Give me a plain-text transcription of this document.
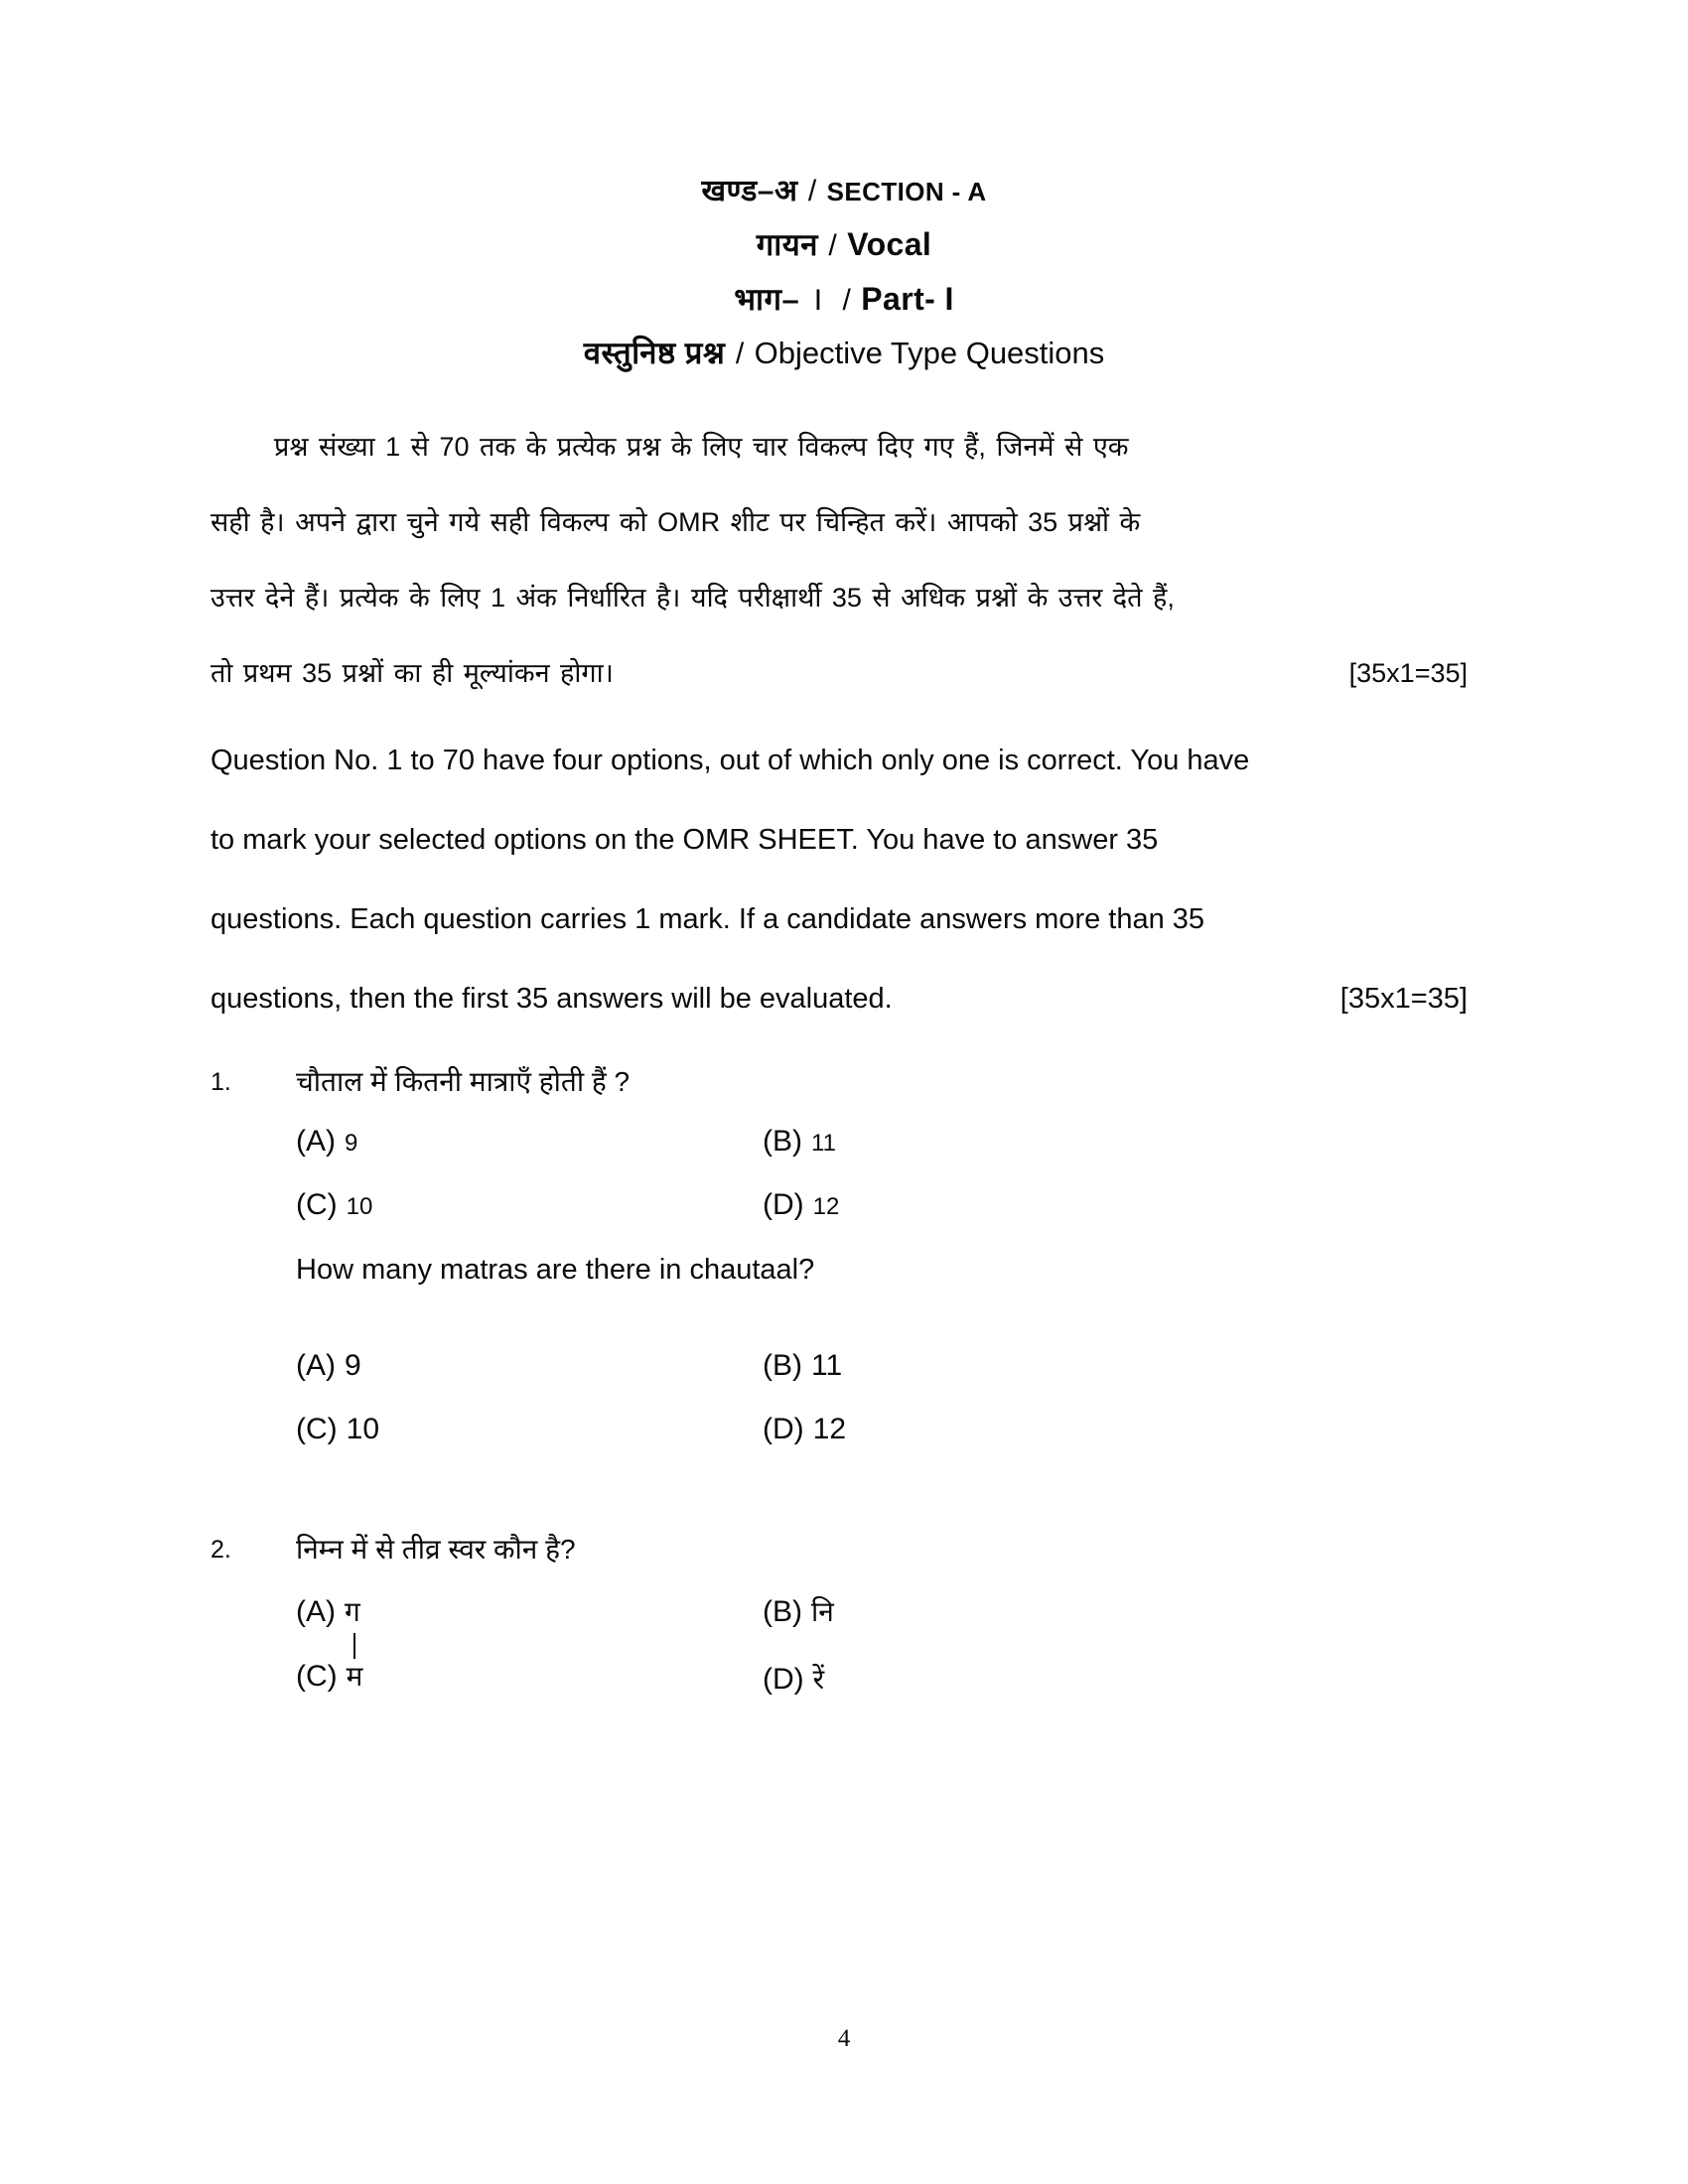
खण्ड–अ / SECTION - A
गायन / Vocal
भाग– I / Part- I
वस्तुनिष्ठ प्रश्न / Objective Type Questions
प्रश्न संख्या 1 से 70 तक के प्रत्येक प्रश्न के लिए चार विकल्प दिए गए हैं, जिनमें से एक
सही है। अपने द्वारा चुने गये सही विकल्प को OMR शीट पर चिन्हित करें। आपको 35 प्रश्नों के
उत्तर देने हैं। प्रत्येक के लिए 1 अंक निर्धारित है। यदि परीक्षार्थी 35 से अधिक प्रश्नों के उत्तर देते हैं,
तो प्रथम 35 प्रश्नों का ही मूल्यांकन होगा।	[35x1=35]
Question No. 1 to 70 have four options, out of which only one is correct. You have
to mark your selected options on the OMR SHEET. You have to answer 35
questions. Each question carries 1 mark. If a candidate answers more than 35
questions, then the first 35 answers will be evaluated.	[35x1=35]
1.	चौताल में कितनी मात्राएँ होती हैं ?
(A) 9	(B) 11
(C) 10	(D) 12
How many matras are there in chautaal?
(A) 9	(B) 11
(C) 10	(D) 12
2.	निम्न में से तीव्र स्वर कौन है?
(A) ग	(B) नि
(C) म	(D) रें
4
